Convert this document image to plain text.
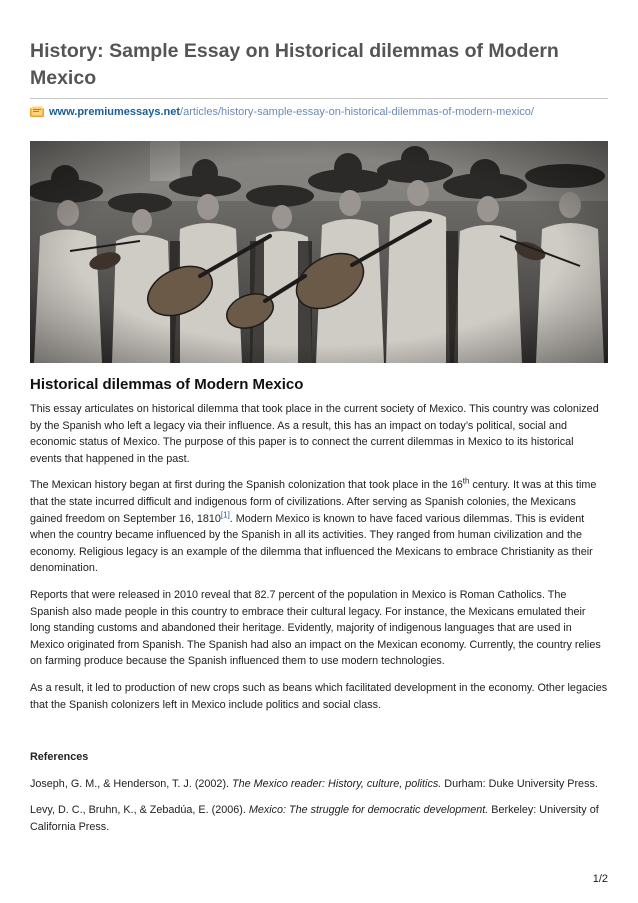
History: Sample Essay on Historical dilemmas of Modern Mexico
www.premiumessays.net/articles/history-sample-essay-on-historical-dilemmas-of-modern-mexico/
Historical dilemmas of Modern Mexico

This essay articulates on historical dilemma that took place in the current society of Mexico. This country was colonized by the Spanish who left a legacy via their influence. As a result, this has an impact on today’s political, social and economic status of Mexico. The purpose of this paper is to connect the current dilemmas in Mexico to its historical events that happened in the past.

The Mexican history began at first during the Spanish colonization that took place in the 16th century. It was at this time that the state incurred difficult and indigenous form of civilizations. After serving as Spanish colonies, the Mexicans gained freedom on September 16, 1810[1]. Modern Mexico is known to have faced various dilemmas. This is evident when the country became influenced by the Spanish in all its activities. They ranged from human civilization and the economy. Religious legacy is an example of the dilemma that influenced the Mexicans to embrace Christianity as their denomination.

Reports that were released in 2010 reveal that 82.7 percent of the population in Mexico is Roman Catholics. The Spanish also made people in this country to embrace their cultural legacy. For instance, the Mexicans emulated their long standing customs and abandoned their heritage. Evidently, majority of indigenous languages that are used in Mexico originated from Spanish. The Spanish had also an impact on the Mexican economy. Currently, the country relies on farming produce because the Spanish influenced them to use modern technologies.

As a result, it led to production of new crops such as beans which facilitated development in the economy. Other legacies that the Spanish colonizers left in Mexico include politics and social class.

References

Joseph, G. M., & Henderson, T. J. (2002). The Mexico reader: History, culture, politics. Durham: Duke University Press.

Levy, D. C., Bruhn, K., & Zebadúa, E. (2006). Mexico: The struggle for democratic development. Berkeley: University of California Press.

1/2
